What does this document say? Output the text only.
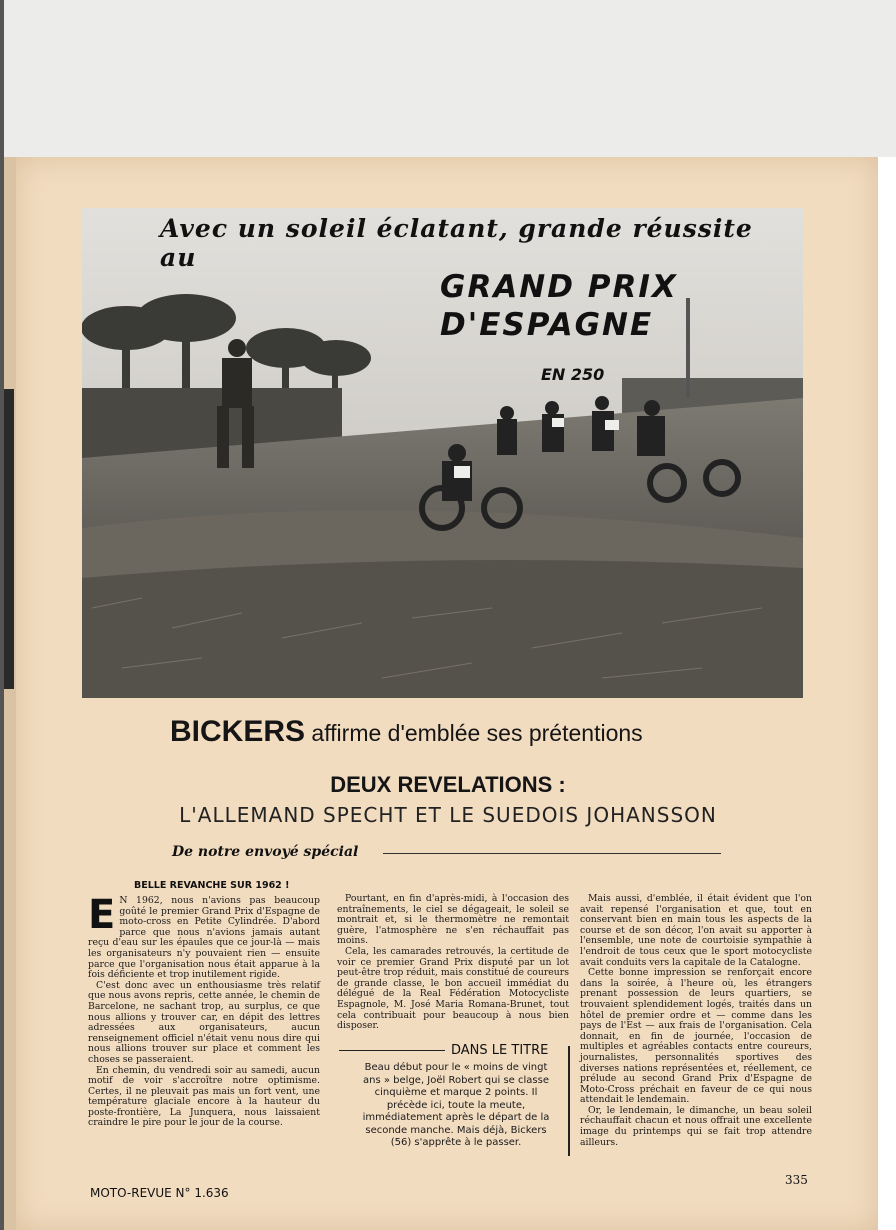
Avec un soleil éclatant, grande réussite au
GRAND PRIX
D'ESPAGNE
EN 250
BICKERS affirme d'emblée ses prétentions
DEUX REVELATIONS :
L'ALLEMAND SPECHT ET LE SUEDOIS JOHANSSON
De notre envoyé spécial
BELLE REVANCHE SUR 1962 !
E N 1962, nous n'avions pas beaucoup goûté le premier Grand Prix d'Espagne de moto-cross en Petite Cylindrée. D'abord parce que nous n'avions jamais autant reçu d'eau sur les épaules que ce jour-là — mais les organisateurs n'y pouvaient rien — ensuite parce que l'organisation nous était apparue à la fois déficiente et trop inutilement rigide.

C'est donc avec un enthousiasme très relatif que nous avons repris, cette année, le chemin de Barcelone, ne sachant trop, au surplus, ce que nous allions y trouver car, en dépit des lettres adressées aux organisateurs, aucun renseignement officiel n'était venu nous dire qui nous allions trouver sur place et comment les choses se passeraient.

En chemin, du vendredi soir au samedi, aucun motif de voir s'accroître notre optimisme. Certes, il ne pleuvait pas mais un fort vent, une température glaciale encore à la hauteur du poste-frontière, La Junquera, nous laissaient craindre le pire pour le jour de la course.

Pourtant, en fin d'après-midi, à l'occasion des entraînements, le ciel se dégageait, le soleil se montrait et, si le thermomètre ne remontait guère, l'atmosphère ne s'en réchauffait pas moins.

Cela, les camarades retrouvés, la certitude de voir ce premier Grand Prix disputé par un lot peut-être trop réduit, mais constitué de coureurs de grande classe, le bon accueil immédiat du délégué de la Real Fédération Motocycliste Espagnole, M. José Maria Romana-Brunet, tout cela contribuait pour beaucoup à nous bien disposer.

DANS LE TITRE
Beau début pour le « moins de vingt ans » belge, Joël Robert qui se classe cinquième et marque 2 points. Il précède ici, toute la meute, immédiatement après le départ de la seconde manche. Mais déjà, Bickers (56) s'apprête à le passer.

Mais aussi, d'emblée, il était évident que l'on avait repensé l'organisation et que, tout en conservant bien en main tous les aspects de la course et de son décor, l'on avait su apporter à l'ensemble, une note de courtoisie sympathie à l'endroit de tous ceux que le sport motocycliste avait conduits vers la capitale de la Catalogne.

Cette bonne impression se renforçait encore dans la soirée, à l'heure où, les étrangers prenant possession de leurs quartiers, se trouvaient splendidement logés, traités dans un hôtel de premier ordre et — comme dans les pays de l'Est — aux frais de l'organisation. Cela donnait, en fin de journée, l'occasion de multiples et agréables contacts entre coureurs, journalistes, personnalités sportives des diverses nations représentées et, réellement, ce prélude au second Grand Prix d'Espagne de Moto-Cross préchait en faveur de ce qui nous attendait le lendemain.

Or, le lendemain, le dimanche, un beau soleil réchauffait chacun et nous offrait une excellente image du printemps qui se fait trop attendre ailleurs.

MOTO-REVUE N° 1.636
335
